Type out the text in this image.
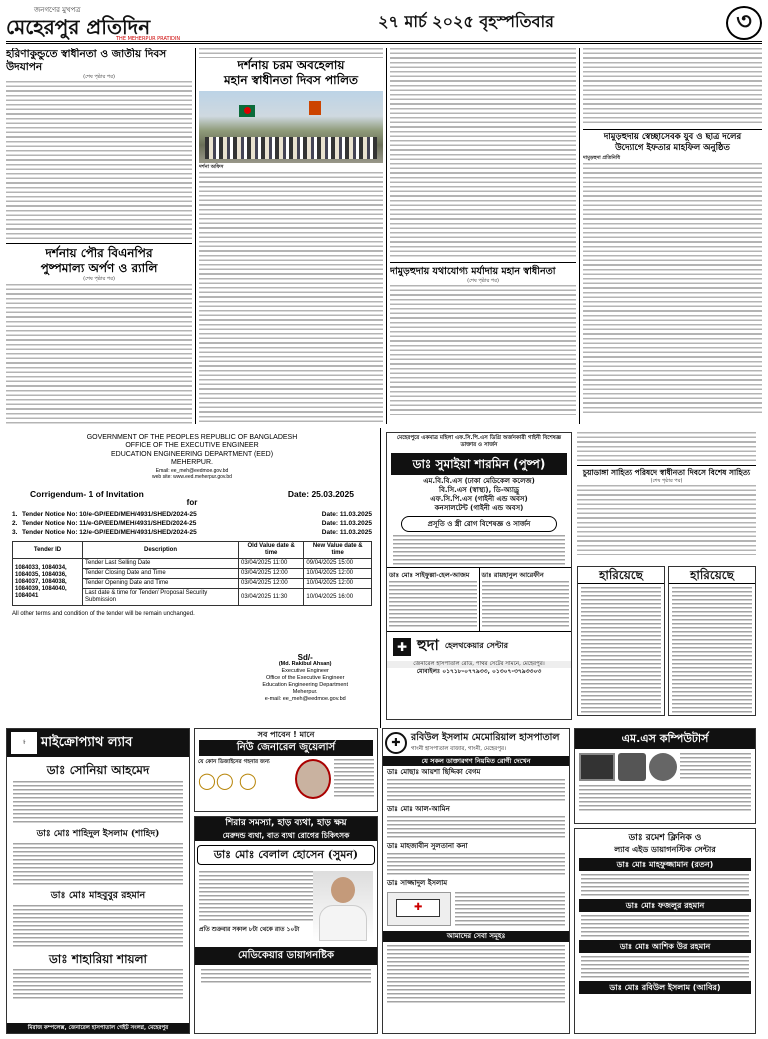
জনগণের মুখপত্র
মেহেরপুর প্রতিদিন
THE MEHERPUR PRATIDIN
২৭ মার্চ ২০২৫ বৃহস্পতিবার	৩
হরিণাকুন্ডুতে স্বাধীনতা ও জাতীয় দিবস উদযাপন
(শেষ পৃষ্ঠার পর)
দর্শনায় পৌর বিএনপির
পুষ্পমাল্য অর্পণ ও র‌্যালি
(শেষ পৃষ্ঠার পর)
দর্শনায় চরম অবহেলায়
মহান স্বাধীনতা দিবস পালিত
দর্শনা অফিস
দামুড়হুদায় যথাযোগ্য মর্যাদায় মহান স্বাধীনতা
(শেষ পৃষ্ঠার পর)
দামুড়হুদায় স্বেচ্ছাসেবক যুব ও ছাত্র দলের
উদ্যোগে ইফতার মাহফিল অনুষ্ঠিত
দামুড়হুদা প্রতিনিধি
GOVERNMENT OF THE PEOPLES REPUBLIC OF BANGLADESH
OFFICE OF THE EXECUTIVE ENGINEER
EDUCATION ENGINEERING DEPARTMENT (EED)
MEHERPUR.
Email: ee_meh@eedmoe.gov.bd
web site: www.eed.meherpur.gov.bd
Corrigendum- 1 of Invitation	Date: 25.03.2025
for
1. Tender Notice No: 10/e-GP/EED/MEH/4931/SHED/2024-25	Date: 11.03.2025
2. Tender Notice No: 11/e-GP/EED/MEH/4931/SHED/2024-25	Date: 11.03.2025
3. Tender Notice No: 12/e-GP/EED/MEH/4931/SHED/2024-25	Date: 11.03.2025
Tender ID	Description	Old Value date & time	New Value date & time
1084033, 1084034, 1084035, 1084036, 1084037, 1084038, 1084039, 1084040, 1084041	Tender Last Selling Date	03/04/2025 11:00	09/04/2025 15:00
	Tender Closing Date and Time	03/04/2025 12:00	10/04/2025 12:00
	Tender Opening Date and Time	03/04/2025 12:00	10/04/2025 12:00
	Last date & time for Tender/ Proposal Security Submission	03/04/2025 11:30	10/04/2025 16:00
All other terms and condition of the tender will be remain unchanged.
Sd/-
(Md. Rakibul Ahsan)
Executive Engineer
Office of the Executive Engineer
Education Engineering Department
Meherpur.
e-mail: ee_meh@eedmoe.gov.bd
মেহেরপুরে একমাত্র মহিলা এফ.সি.পি.এস ডিগ্রি অর্জনকারী গাইনী বিশেষজ্ঞ ডাক্তার ও সার্জন
ডাঃ সুমাইয়া শারমিন (পুষ্প)
এম.বি.বি.এস (ঢাকা মেডিকেল কলেজ)
বি.সি.এস (স্বাস্থ্য), ডি-অ্যাড্রু
এফ.সি.পি.এস (গাইনী এন্ড অবস)
কনসালটেন্ট (গাইনী এন্ড অবস)
প্রসূতি ও স্ত্রী রোগ বিশেষজ্ঞ ও সার্জন
ডাঃ মোঃ সাইফুল্লা-হেল-আজম	ডাঃ রায়হানুল আরেফীন
✚ হুদা হেলথকেয়ার সেন্টার
জেনারেল হাসপাতাল রোড, পাথর সেটের সামনে, মেহেরপুর।
মোবাইলঃ ০১৭১৮-০৭৭৯৩৩, ০১৩০৭-৩৭৯৩৩০৩
চুয়াডাঙ্গা সাহিত্য পরিষদে স্বাধীনতা দিবসে বিশেষ সাহিত্য
(শেষ পৃষ্ঠার পর)
হারিয়েছে	হারিয়েছে
⚕	মাইক্রোপ্যাথ ল্যাব
ডাঃ সোনিয়া আহমেদ
ডাঃ মোঃ শাহিদুল ইসলাম (শাহিদ)
ডাঃ মোঃ মাহবুবুর রহমান
ডাঃ শাহারিয়া শায়লা
মিরাজ কম্পলেক্স, জেনারেল হাসপাতাল গেইট সংলগ্ন, মেহেরপুর
সব পাবেন ! মানে
নিউ জেনারেল জুয়েলার্স
যে কোন ডিজাইনের গহনার জন্য
◯◯ ◯
শিরার সমস্যা, হাড় ব্যথা, হাড় ক্ষয়
মেরুদন্ড ব্যথা, বাত ব্যথা রোগের চিকিৎসক
ডাঃ মোঃ বেলাল হোসেন (সুমন)
প্রতি শুক্রবার সকাল ৮টা থেকে রাত ১০টা
মেডিকেয়ার ডায়াগনষ্টিক
✚	রবিউল ইসলাম মেমোরিয়াল হাসপাতাল
গাংনী হাসপাতাল বাজার, গাংনী, মেহেরপুর।
যে সকল ডাক্তারগণ নিয়মিত রোগী দেখেন
ডাঃ মোছাঃ আয়শা ছিদ্দিকা বেগম
ডাঃ মোঃ আল-আমিন
ডাঃ মাহজাবীন সুলতানা কনা
ডাঃ সাজ্জাদুল ইসলাম
✚
আমাদের সেবা সমূহঃ
এম.এস কম্পিউটার্স
ডাঃ রমেশ ক্লিনিক ও
ল্যাব এইড ডায়াগনস্টিক সেন্টার
ডাঃ মোঃ মাহফুজ্জামান (রতন)
ডাঃ মোঃ ফজলুর রহমান
ডাঃ মোঃ আশিক উর রহমান
ডাঃ মোঃ রবিউল ইসলাম (আবির)
